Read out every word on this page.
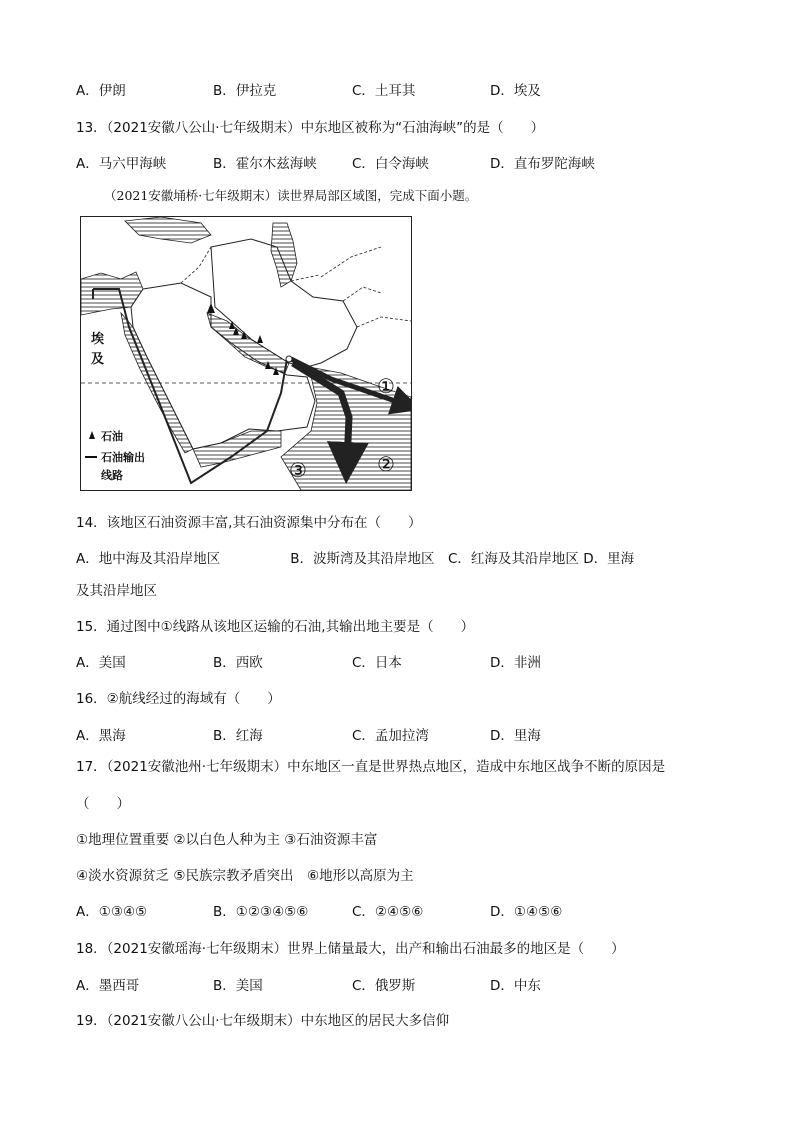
A．伊朗	B．伊拉克	C．土耳其	D．埃及
13．（2021安徽八公山·七年级期末）中东地区被称为“石油海峡”的是（　　）
A．马六甲海峡	B．霍尔木兹海峡	C．白令海峡	D．直布罗陀海峡
（2021安徽埇桥·七年级期末）读世界局部区域图，完成下面小题。
①
②
③
埃
及
石油
石油输出
线路
14．该地区石油资源丰富,其石油资源集中分布在（　　）
A．地中海及其沿岸地区	B．波斯湾及其沿岸地区　C．红海及其沿岸地区 D．里海
及其沿岸地区
15．通过图中①线路从该地区运输的石油,其输出地主要是（　　）
A．美国	B．西欧	C．日本	D．非洲
16．②航线经过的海域有（　　）
A．黑海	B．红海	C．孟加拉湾	D．里海
17．（2021安徽池州·七年级期末）中东地区一直是世界热点地区，造成中东地区战争不断的原因是
（　　）
①地理位置重要 ②以白色人种为主 ③石油资源丰富
④淡水资源贫乏 ⑤民族宗教矛盾突出　⑥地形以高原为主
A．①③④⑤	B．①②③④⑤⑥	C．②④⑤⑥	D．①④⑤⑥
18．（2021安徽瑶海·七年级期末）世界上储量最大，出产和输出石油最多的地区是（　　）
A．墨西哥	B．美国	C．俄罗斯	D．中东
19．（2021安徽八公山·七年级期末）中东地区的居民大多信仰
